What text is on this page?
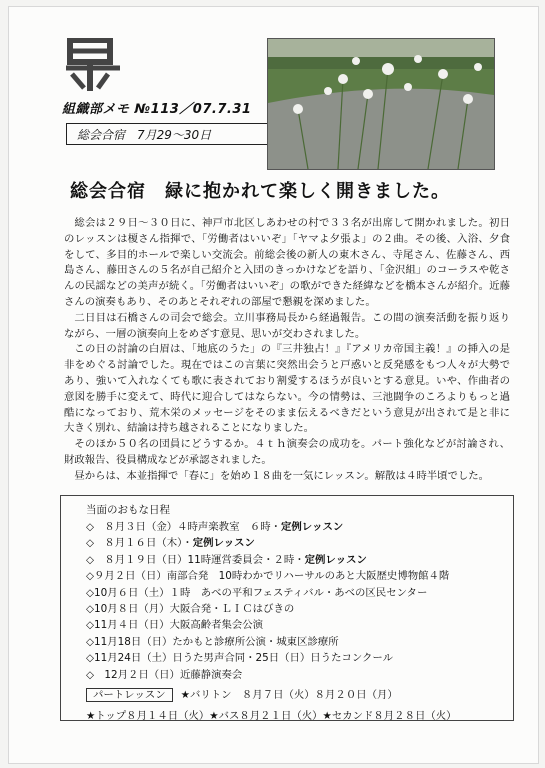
組織部メモ №113／07.7.31
総会合宿　7月29～30日
総会合宿　緑に抱かれて楽しく開きました。

総会は２９日～３０日に、神戸市北区しあわせの村で３３名が出席して開かれました。初日のレッスンは榎さん指揮で、「労働者はいいぞ」「ヤマよ夕張よ」の２曲。その後、入浴、夕食をして、多目的ホールで楽しい交流会。前総会後の新人の東木さん、寺尾さん、佐藤さん、西島さん、藤田さんの５名が自己紹介と入団のきっかけなどを語り、「金沢組」のコーラスや乾さんの民謡などの美声が続く。「労働者はいいぞ」の歌ができた経緯などを橋本さんが紹介。近藤さんの演奏もあり、そのあとそれぞれの部屋で懇親を深めました。

二日目は石橋さんの司会で総会。立川事務局長から経過報告。この間の演奏活動を振り返りながら、一層の演奏向上をめざす意見、思いが交わされました。

この日の討論の白眉は、「地底のうた」の『三井独占！』『アメリカ帝国主義！』の挿入の是非をめぐる討論でした。現在ではこの言葉に突然出会うと戸惑いと反発感をもつ人々が大勢であり、強いて入れなくても歌に表されており割愛するほうが良いとする意見。いや、作曲者の意図を勝手に変えて、時代に迎合してはならない。今の情勢は、三池闘争のころよりもっと過酷になっており、荒木栄のメッセージをそのまま伝えるべきだという意見が出されて是と非に大きく別れ、結論は持ち越されることになりました。

そのほか５０名の団員にどうするか。４ｔｈ演奏会の成功を。パート強化などが討論され、財政報告、役員構成などが承認されました。

昼からは、本並指揮で「春に」を始め１８曲を一気にレッスン。解散は４時半頃でした。

当面のおもな日程
◇　８月３日（金）４時声楽教室　６時・定例レッスン
◇　８月１６日（木）・定例レッスン
◇　８月１９日（日）11時運営委員会・２時・定例レッスン
◇９月２日（日）南部合発　10時わかでリハーサルのあと大阪歴史博物館４階
◇10月６日（土）１時　あべの平和フェスティバル・あべの区民センター
◇10月８日（月）大阪合発・ＬＩＣはびきの
◇11月４日（日）大阪高齢者集会公演
◇11月18日（日）たかもと診療所公演・城東区診療所
◇11月24日（土）日うた男声合同・25日（日）日うたコンクール
◇　12月２日（日）近藤静演奏会
パートレッスン ★バリトン　８月７日（火）８月２０日（月）
★トップ８月１４日（火）★バス８月２１日（火）★セカンド８月２８日（火）
